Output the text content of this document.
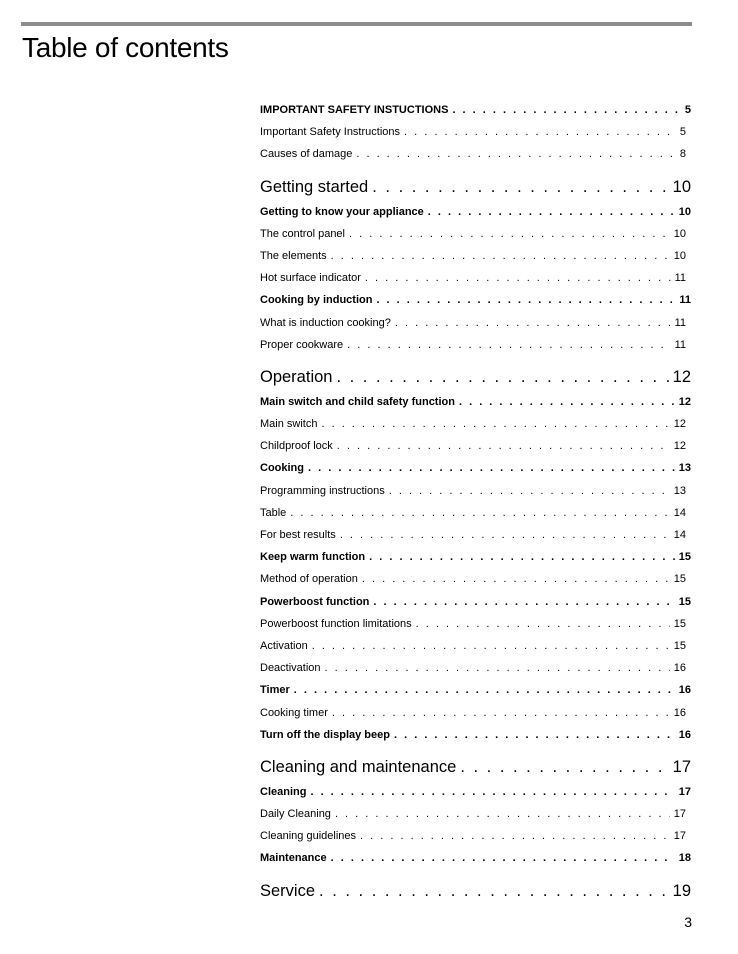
Table of contents
IMPORTANT SAFETY INSTUCTIONS . . .	5
Important Safety Instructions . . .	5
Causes of damage . . .	8
Getting started . . .	10
Getting to know your appliance . . .	10
The control panel . . .	10
The elements . . .	10
Hot surface indicator . . .	11
Cooking by induction . . .	11
What is induction cooking? . . .	11
Proper cookware . . .	11
Operation . . .	12
Main switch and child safety function . . .	12
Main switch . . .	12
Childproof lock . . .	12
Cooking . . .	13
Programming instructions . . .	13
Table . . .	14
For best results . . .	14
Keep warm function . . .	15
Method of operation . . .	15
Powerboost function . . .	15
Powerboost function limitations . . .	15
Activation . . .	15
Deactivation . . .	16
Timer . . .	16
Cooking timer . . .	16
Turn off the display beep . . .	16
Cleaning and maintenance . . .	17
Cleaning . . .	17
Daily Cleaning . . .	17
Cleaning guidelines . . .	17
Maintenance . . .	18
Service . . .	19
3
